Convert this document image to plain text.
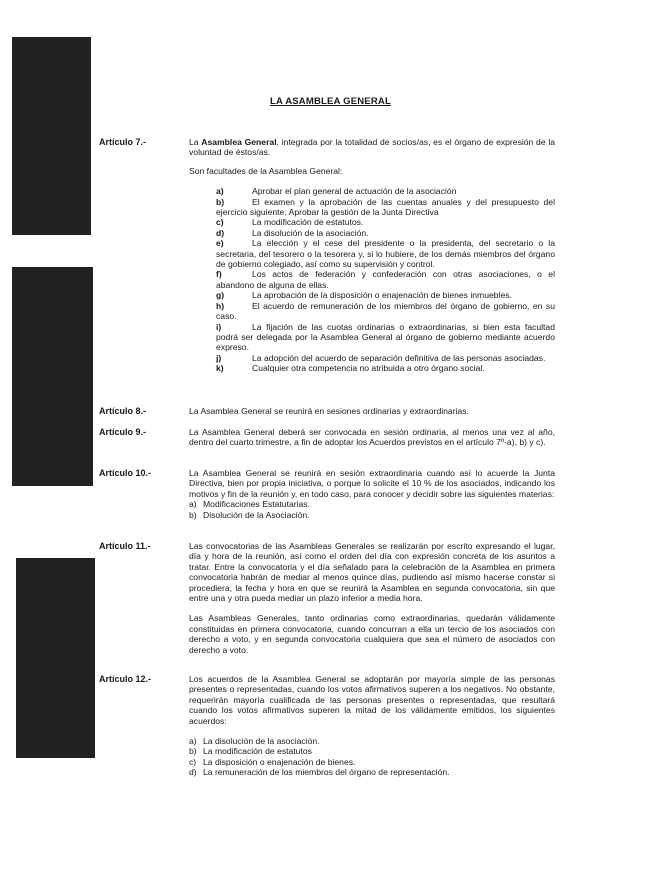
LA ASAMBLEA GENERAL
Artículo 7.-	La Asamblea General, integrada por la totalidad de socios/as, es el órgano de expresión de la voluntad de éstos/as.

Son facultades de la Asamblea General:

a)	Aprobar el plan general de actuación de la asociación
b)	El examen y la aprobación de las cuentas anuales y del presupuesto del ejercicio siguiente. Aprobar la gestión de la Junta Directiva
c)	La modificación de estatutos.
d)	La disolución de la asociación.
e)	La elección y el cese del presidente o la presidenta, del secretario o la secretaria, del tesorero o la tesorera y, si lo hubiere, de los demás miembros del órgano de gobierno colegiado, así como su supervisión y control.
f)	Los actos de federación y confederación con otras asociaciones, o el abandono de alguna de ellas.
g)	La aprobación de la disposición o enajenación de bienes inmuebles.
h)	El acuerdo de remuneración de los miembros del órgano de gobierno, en su caso.
i)	La fijación de las cuotas ordinarias o extraordinarias, si bien esta facultad podrá ser delegada por la Asamblea General al órgano de gobierno mediante acuerdo expreso.
j)	La adopción del acuerdo de separación definitiva de las personas asociadas.
k)	Cualquier otra competencia no atribuida a otro órgano social.
Artículo 8.-	La Asamblea General se reunirá en sesiones ordinarias y extraordinarias.
Artículo 9.-	La Asamblea General deberá ser convocada en sesión ordinaria, al menos una vez al año, dentro del cuarto trimestre, a fin de adoptar los Acuerdos previstos en el artículo 7º-a), b) y c).
Artículo 10.-	La Asamblea General se reunirá en sesión extraordinaria cuando así lo acuerde la Junta Directiva, bien por propia iniciativa, o porque lo solicite el 10 % de los asociados, indicando los motivos y fin de la reunión y, en todo caso, para conocer y decidir sobre las siguientes materias:
a) Modificaciones Estatutarias.
b) Disolución de la Asociación.
Artículo 11.-	Las convocatorias de las Asambleas Generales se realizarán por escrito expresando el lugar, día y hora de la reunión, así como el orden del día con expresión concreta de los asuntos a tratar. Entre la convocatoria y el día señalado para la celebración de la Asamblea en primera convocatoria habrán de mediar al menos quince días, pudiendo así mismo hacerse constar si procediera, la fecha y hora en que se reunirá la Asamblea en segunda convocatoria, sin que entre una y otra pueda mediar un plazo inferior a media hora.

Las Asambleas Generales, tanto ordinarias como extraordinarias, quedarán válidamente constituidas en primera convocatoria, cuando concurran a ella un tercio de los asociados con derecho a voto, y en segunda convocatoria cualquiera que sea el número de asociados con derecho a voto.

Artículo 12.-	Los acuerdos de la Asamblea General se adoptarán por mayoría simple de las personas presentes o representadas, cuando los votos afirmativos superen a los negativos. No obstante, requerirán mayoría cualificada de las personas presentes o representadas, que resultará cuando los votos afirmativos superen la mitad de los válidamente emitidos, los siguientes acuerdos:

a) La disolución de la asociación.
b) La modificación de estatutos
c) La disposición o enajenación de bienes.
d) La remuneración de los miembros del órgano de representación.
